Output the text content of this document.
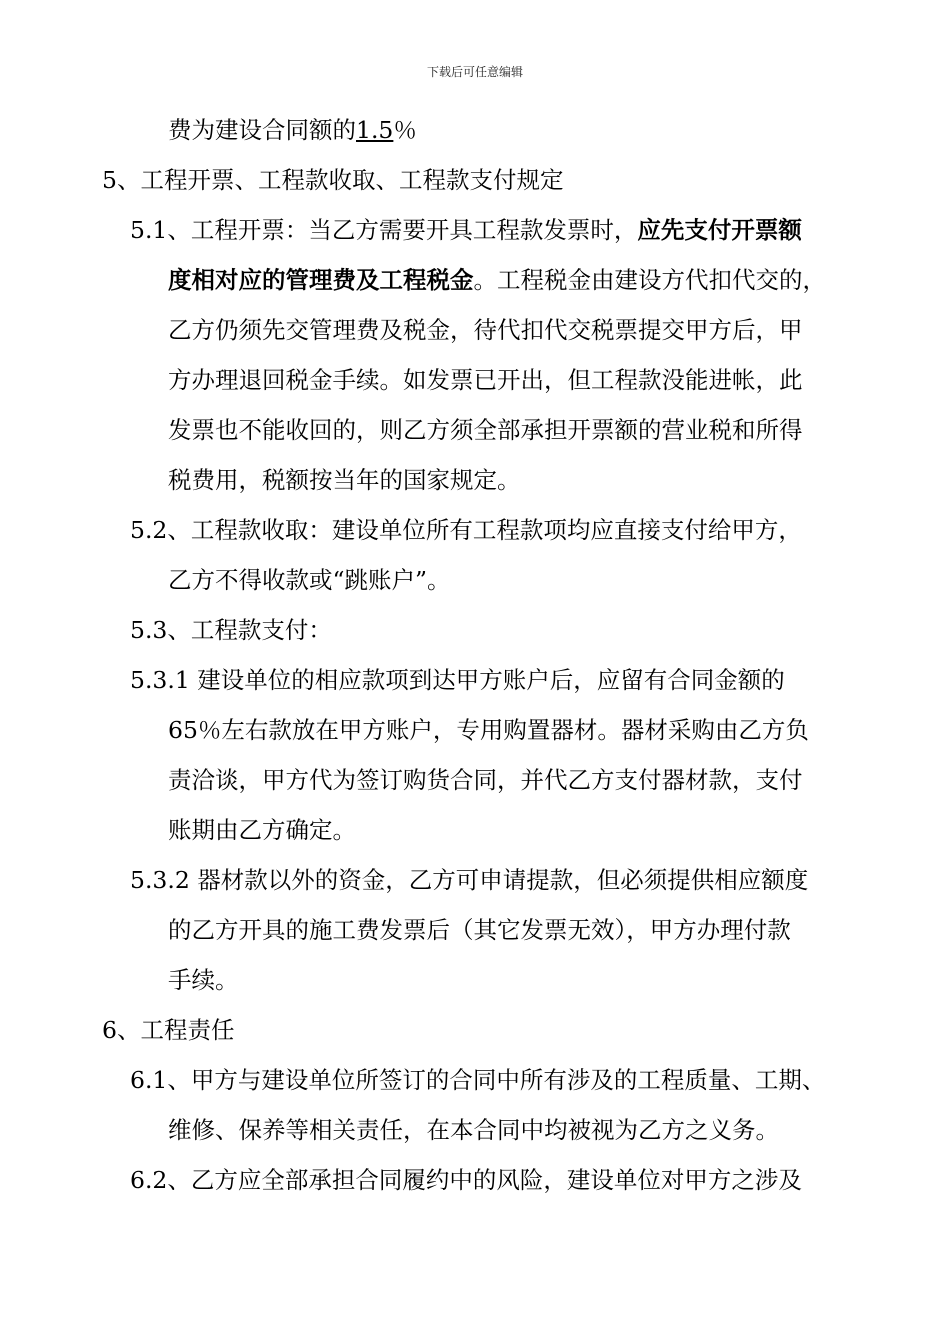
下载后可任意编辑
费为建设合同额的1.5％
5、工程开票、工程款收取、工程款支付规定
5.1、工程开票：当乙方需要开具工程款发票时，应先支付开票额
度相对应的管理费及工程税金。工程税金由建设方代扣代交的，
乙方仍须先交管理费及税金，待代扣代交税票提交甲方后，甲
方办理退回税金手续。如发票已开出，但工程款没能进帐，此
发票也不能收回的，则乙方须全部承担开票额的营业税和所得
税费用，税额按当年的国家规定。
5.2、工程款收取：建设单位所有工程款项均应直接支付给甲方，
乙方不得收款或“跳账户”。
5.3、工程款支付：
5.3.1 建设单位的相应款项到达甲方账户后，应留有合同金额的
65％左右款放在甲方账户，专用购置器材。器材采购由乙方负
责洽谈，甲方代为签订购货合同，并代乙方支付器材款，支付
账期由乙方确定。
5.3.2 器材款以外的资金，乙方可申请提款，但必须提供相应额度
的乙方开具的施工费发票后（其它发票无效），甲方办理付款
手续。
6、工程责任
6.1、甲方与建设单位所签订的合同中所有涉及的工程质量、工期、
维修、保养等相关责任，在本合同中均被视为乙方之义务。
6.2、乙方应全部承担合同履约中的风险，建设单位对甲方之涉及
